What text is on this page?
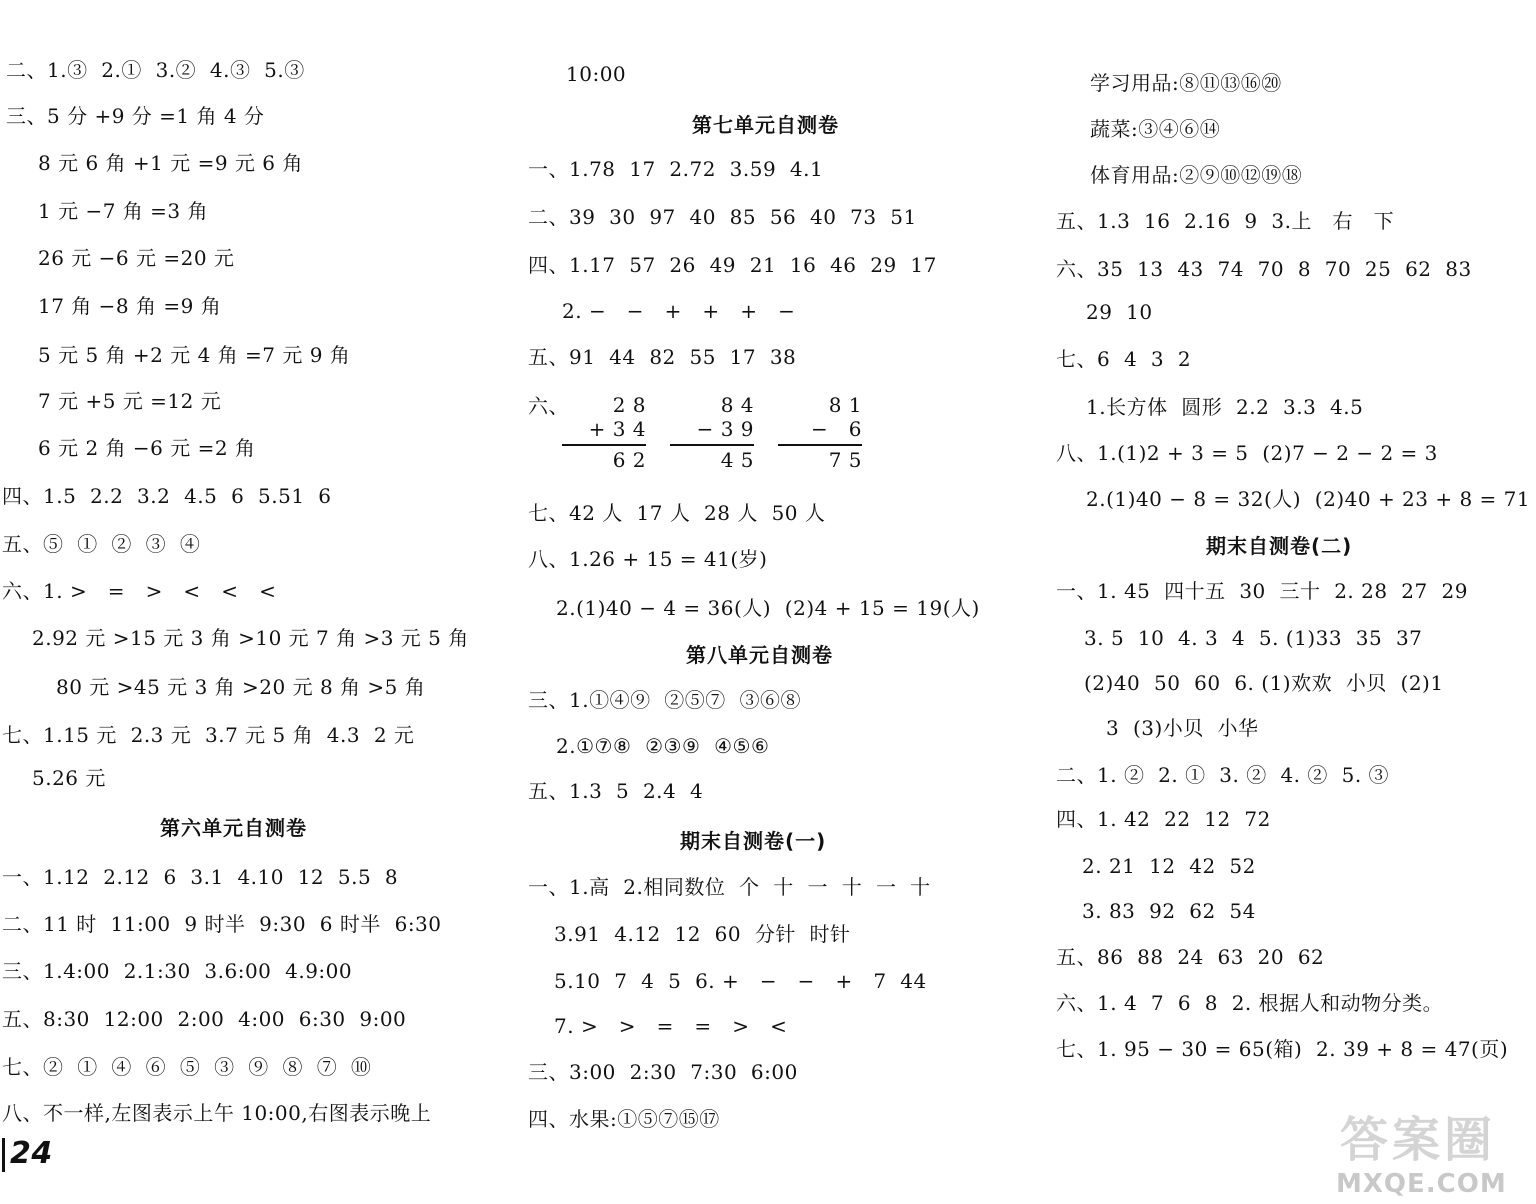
二、1.③  2.①  3.②  4.③  5.③
三、5 分 +9 分 =1 角 4 分
8 元 6 角 +1 元 =9 元 6 角
1 元 −7 角 =3 角
26 元 −6 元 =20 元
17 角 −8 角 =9 角
5 元 5 角 +2 元 4 角 =7 元 9 角
7 元 +5 元 =12 元
6 元 2 角 −6 元 =2 角
四、1.5  2.2  3.2  4.5  6  5.51  6
五、⑤  ①  ②  ③  ④
六、1. >   =   >   <   <   <
2.92 元 >15 元 3 角 >10 元 7 角 >3 元 5 角
80 元 >45 元 3 角 >20 元 8 角 >5 角
七、1.15 元  2.3 元  3.7 元 5 角  4.3  2 元
5.26 元
第六单元自测卷
一、1.12  2.12  6  3.1  4.10  12  5.5  8
二、11 时  11:00  9 时半  9:30  6 时半  6:30
三、1.4:00  2.1:30  3.6:00  4.9:00
五、8:30  12:00  2:00  4:00  6:30  9:00
七、②  ①  ④  ⑥  ⑤  ③  ⑨  ⑧  ⑦  ⑩
八、不一样,左图表示上午 10:00,右图表示晚上
24
10:00
第七单元自测卷
一、1.78  17  2.72  3.59  4.1
二、39  30  97  40  85  56  40  73  51
四、1.17  57  26  49  21  16  46  29  17
2. −   −   +   +   +   −
五、91  44  82  55  17  38
六、	2 8
+ 3 4
6 2
8 4
− 3 9
4 5
8 1
−   6
7 5
七、42 人  17 人  28 人  50 人
八、1.26 + 15 = 41(岁)
2.(1)40 − 4 = 36(人)  (2)4 + 15 = 19(人)
第八单元自测卷
三、1.①④⑨  ②⑤⑦  ③⑥⑧
2.①⑦⑧  ②③⑨  ④⑤⑥
五、1.3  5  2.4  4
期末自测卷(一)
一、1.高  2.相同数位  个  十  一  十  一  十
3.91  4.12  12  60  分针  时针
5.10  7  4  5  6. +   −   −   +   7  44
7. >   >   =   =   >   <
三、3:00  2:30  7:30  6:00
四、水果:①⑤⑦⑮⑰
学习用品:⑧⑪⑬⑯⑳
蔬菜:③④⑥⑭
体育用品:②⑨⑩⑫⑲⑱
五、1.3  16  2.16  9  3.上   右   下
六、35  13  43  74  70  8  70  25  62  83
29  10
七、6  4  3  2
1.长方体  圆形  2.2  3.3  4.5
八、1.(1)2 + 3 = 5  (2)7 − 2 − 2 = 3
2.(1)40 − 8 = 32(人)  (2)40 + 23 + 8 = 71
期末自测卷(二)
一、1. 45  四十五  30  三十  2. 28  27  29
3. 5  10  4. 3  4  5. (1)33  35  37
(2)40  50  60  6. (1)欢欢  小贝  (2)1
3  (3)小贝  小华
二、1. ②  2. ①  3. ②  4. ②  5. ③
四、1. 42  22  12  72
2. 21  12  42  52
3. 83  92  62  54
五、86  88  24  63  20  62
六、1. 4  7  6  8  2. 根据人和动物分类。
七、1. 95 − 30 = 65(箱)  2. 39 + 8 = 47(页)
答案圈
MXQE.COM
